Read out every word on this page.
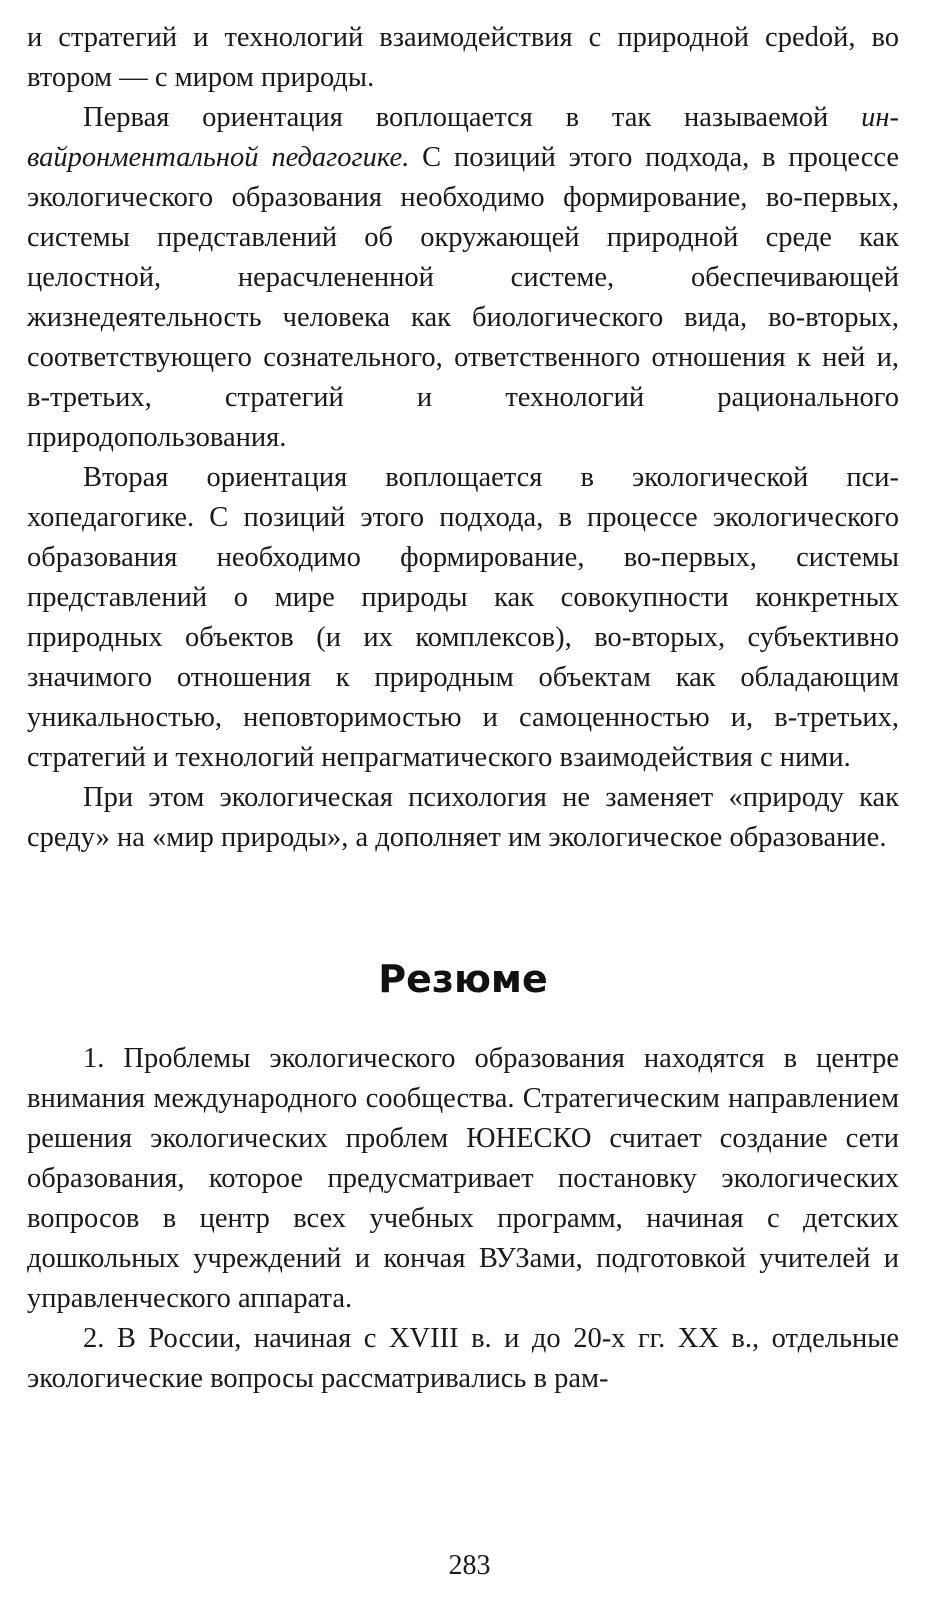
и стратегий и технологий взаимодействия с природной среdой, во втором — с миром природы.

Первая ориентация воплощается в так называемой инвайронментальной педагогике. С позиций этого подхода, в процессе экологического образования необходимо формирование, во-первых, системы представлений об окружающей природной среде как целостной, нерасчлененной системе, обеспечивающей жизнедеятельность человека как биологического вида, во-вторых, соответствующего сознательного, ответственного отношения к ней и, в-третьих, стратегий и технологий рационального природопользования.

Вторая ориентация воплощается в экологической психопедагогике. С позиций этого подхода, в процессе экологического образования необходимо формирование, во-первых, системы представлений о мире природы как совокупности конкретных природных объектов (и их комплексов), во-вторых, субъективно значимого отношения к природным объектам как обладающим уникальностью, неповторимостью и самоценностью и, в-третьих, стратегий и технологий непрагматического взаимодействия с ними.

При этом экологическая психология не заменяет «природу как среду» на «мир природы», а дополняет им экологическое образование.

Резюме

1. Проблемы экологического образования находятся в центре внимания международного сообщества. Стратегическим направлением решения экологических проблем ЮНЕСКО считает создание сети образования, которое предусматривает постановку экологических вопросов в центр всех учебных программ, начиная с детских дошкольных учреждений и кончая ВУЗами, подготовкой учителей и управленческого аппарата.

2. В России, начиная с XVIII в. и до 20-х гг. XX в., отдельные экологические вопросы рассматривались в рам-

283
